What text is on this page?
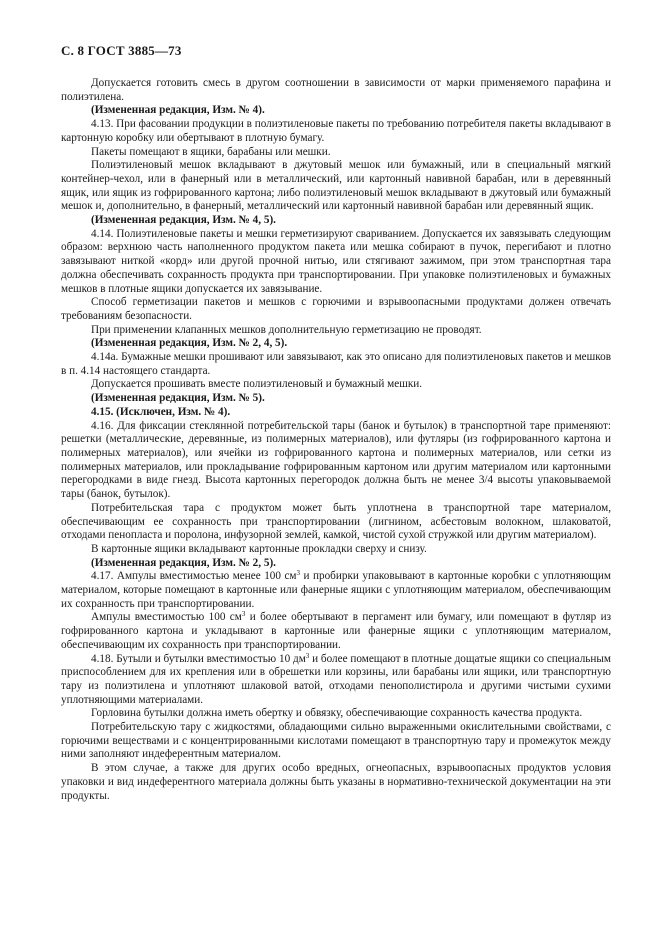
С. 8 ГОСТ 3885—73

Допускается готовить смесь в другом соотношении в зависимости от марки применяемого парафина и полиэтилена.

(Измененная редакция, Изм. № 4).

4.13. При фасовании продукции в полиэтиленовые пакеты по требованию потребителя пакеты вкладывают в картонную коробку или обертывают в плотную бумагу.

Пакеты помещают в ящики, барабаны или мешки.

Полиэтиленовый мешок вкладывают в джутовый мешок или бумажный, или в специальный мягкий контейнер-чехол, или в фанерный или в металлический, или картонный навивной барабан, или в деревянный ящик, или ящик из гофрированного картона; либо полиэтиленовый мешок вкладывают в джутовый или бумажный мешок и, дополнительно, в фанерный, металлический или картонный навивной барабан или деревянный ящик.

(Измененная редакция, Изм. № 4, 5).

4.14. Полиэтиленовые пакеты и мешки герметизируют свариванием. Допускается их завязывать следующим образом: верхнюю часть наполненного продуктом пакета или мешка собирают в пучок, перегибают и плотно завязывают ниткой «корд» или другой прочной нитью, или стягивают зажимом, при этом транспортная тара должна обеспечивать сохранность продукта при транспортировании. При упаковке полиэтиленовых и бумажных мешков в плотные ящики допускается их завязывание.

Способ герметизации пакетов и мешков с горючими и взрывоопасными продуктами должен отвечать требованиям безопасности.

При применении клапанных мешков дополнительную герметизацию не проводят.

(Измененная редакция, Изм. № 2, 4, 5).

4.14а. Бумажные мешки прошивают или завязывают, как это описано для полиэтиленовых пакетов и мешков в п. 4.14 настоящего стандарта.

Допускается прошивать вместе полиэтиленовый и бумажный мешки.

(Измененная редакция, Изм. № 5).

4.15. (Исключен, Изм. № 4).

4.16. Для фиксации стеклянной потребительской тары (банок и бутылок) в транспортной таре применяют: решетки (металлические, деревянные, из полимерных материалов), или футляры (из гофрированного картона и полимерных материалов), или ячейки из гофрированного картона и полимерных материалов, или сетки из полимерных материалов, или прокладывание гофрированным картоном или другим материалом или картонными перегородками в виде гнезд. Высота картонных перегородок должна быть не менее 3/4 высоты упаковываемой тары (банок, бутылок).

Потребительская тара с продуктом может быть уплотнена в транспортной таре материалом, обеспечивающим ее сохранность при транспортировании (лигнином, асбестовым волокном, шлаковатой, отходами пенопласта и поролона, инфузорной землей, камкой, чистой сухой стружкой или другим материалом).

В картонные ящики вкладывают картонные прокладки сверху и снизу.

(Измененная редакция, Изм. № 2, 5).

4.17. Ампулы вместимостью менее 100 $см^3$ и пробирки упаковывают в картонные коробки с уплотняющим материалом, которые помещают в картонные или фанерные ящики с уплотняющим материалом, обеспечивающим их сохранность при транспортировании.

Ампулы вместимостью 100 $см^3$ и более обертывают в пергамент или бумагу, или помещают в футляр из гофрированного картона и укладывают в картонные или фанерные ящики с уплотняющим материалом, обеспечивающим их сохранность при транспортировании.

4.18. Бутыли и бутылки вместимостью 10 $дм^3$ и более помещают в плотные дощатые ящики со специальным приспособлением для их крепления или в обрешетки или корзины, или барабаны или ящики, или транспортную тару из полиэтилена и уплотняют шлаковой ватой, отходами пенополистирола и другими чистыми сухими уплотняющими материалами.

Горловина бутылки должна иметь обертку и обвязку, обеспечивающие сохранность качества продукта.

Потребительскую тару с жидкостями, обладающими сильно выраженными окислительными свойствами, с горючими веществами и с концентрированными кислотами помещают в транспортную тару и промежуток между ними заполняют индеферентным материалом.

В этом случае, а также для других особо вредных, огнеопасных, взрывоопасных продуктов условия упаковки и вид индеферентного материала должны быть указаны в нормативно-технической документации на эти продукты.
